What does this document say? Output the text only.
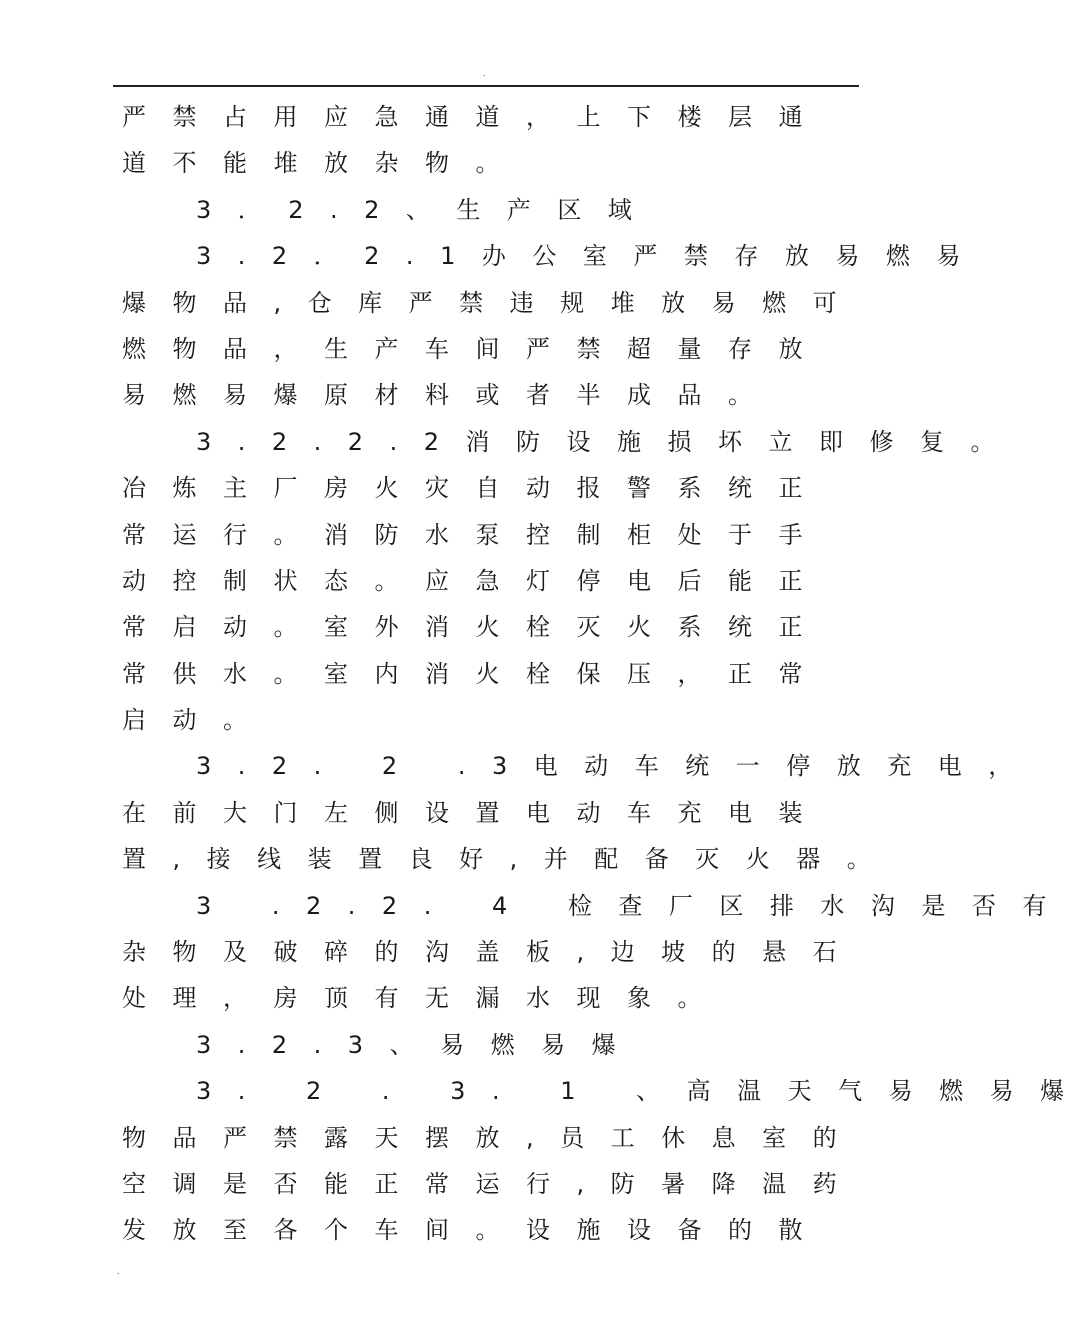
.
严禁占用应急通道，上下楼层通
道不能堆放杂物。
3．2.2、生产区域
3.2．2.1办公室严禁存放易燃易
爆物品,仓库严禁违规堆放易燃可
燃物品，生产车间严禁超量存放
易燃易爆原材料或者半成品。
3.2.2.2消防设施损坏立即修复。
冶炼主厂房火灾自动报警系统正
常运行。消防水泵控制柜处于手
动控制状态。应急灯停电后能正
常启动。室外消火栓灭火系统正
常供水。室内消火栓保压，正常
启动。
3.2. 2 .3电动车统一停放充电，
在前大门左侧设置电动车充电装
置,接线装置良好,并配备灭火器。
3 .2.2. 4 检查厂区排水沟是否有
杂物及破碎的沟盖板,边坡的悬石
处理，房顶有无漏水现象。
3.2.3、易燃易爆
3. 2 . 3. 1 、高温天气易燃易爆
物品严禁露天摆放,员工休息室的
空调是否能正常运行,防暑降温药
发放至各个车间。设施设备的散
.
